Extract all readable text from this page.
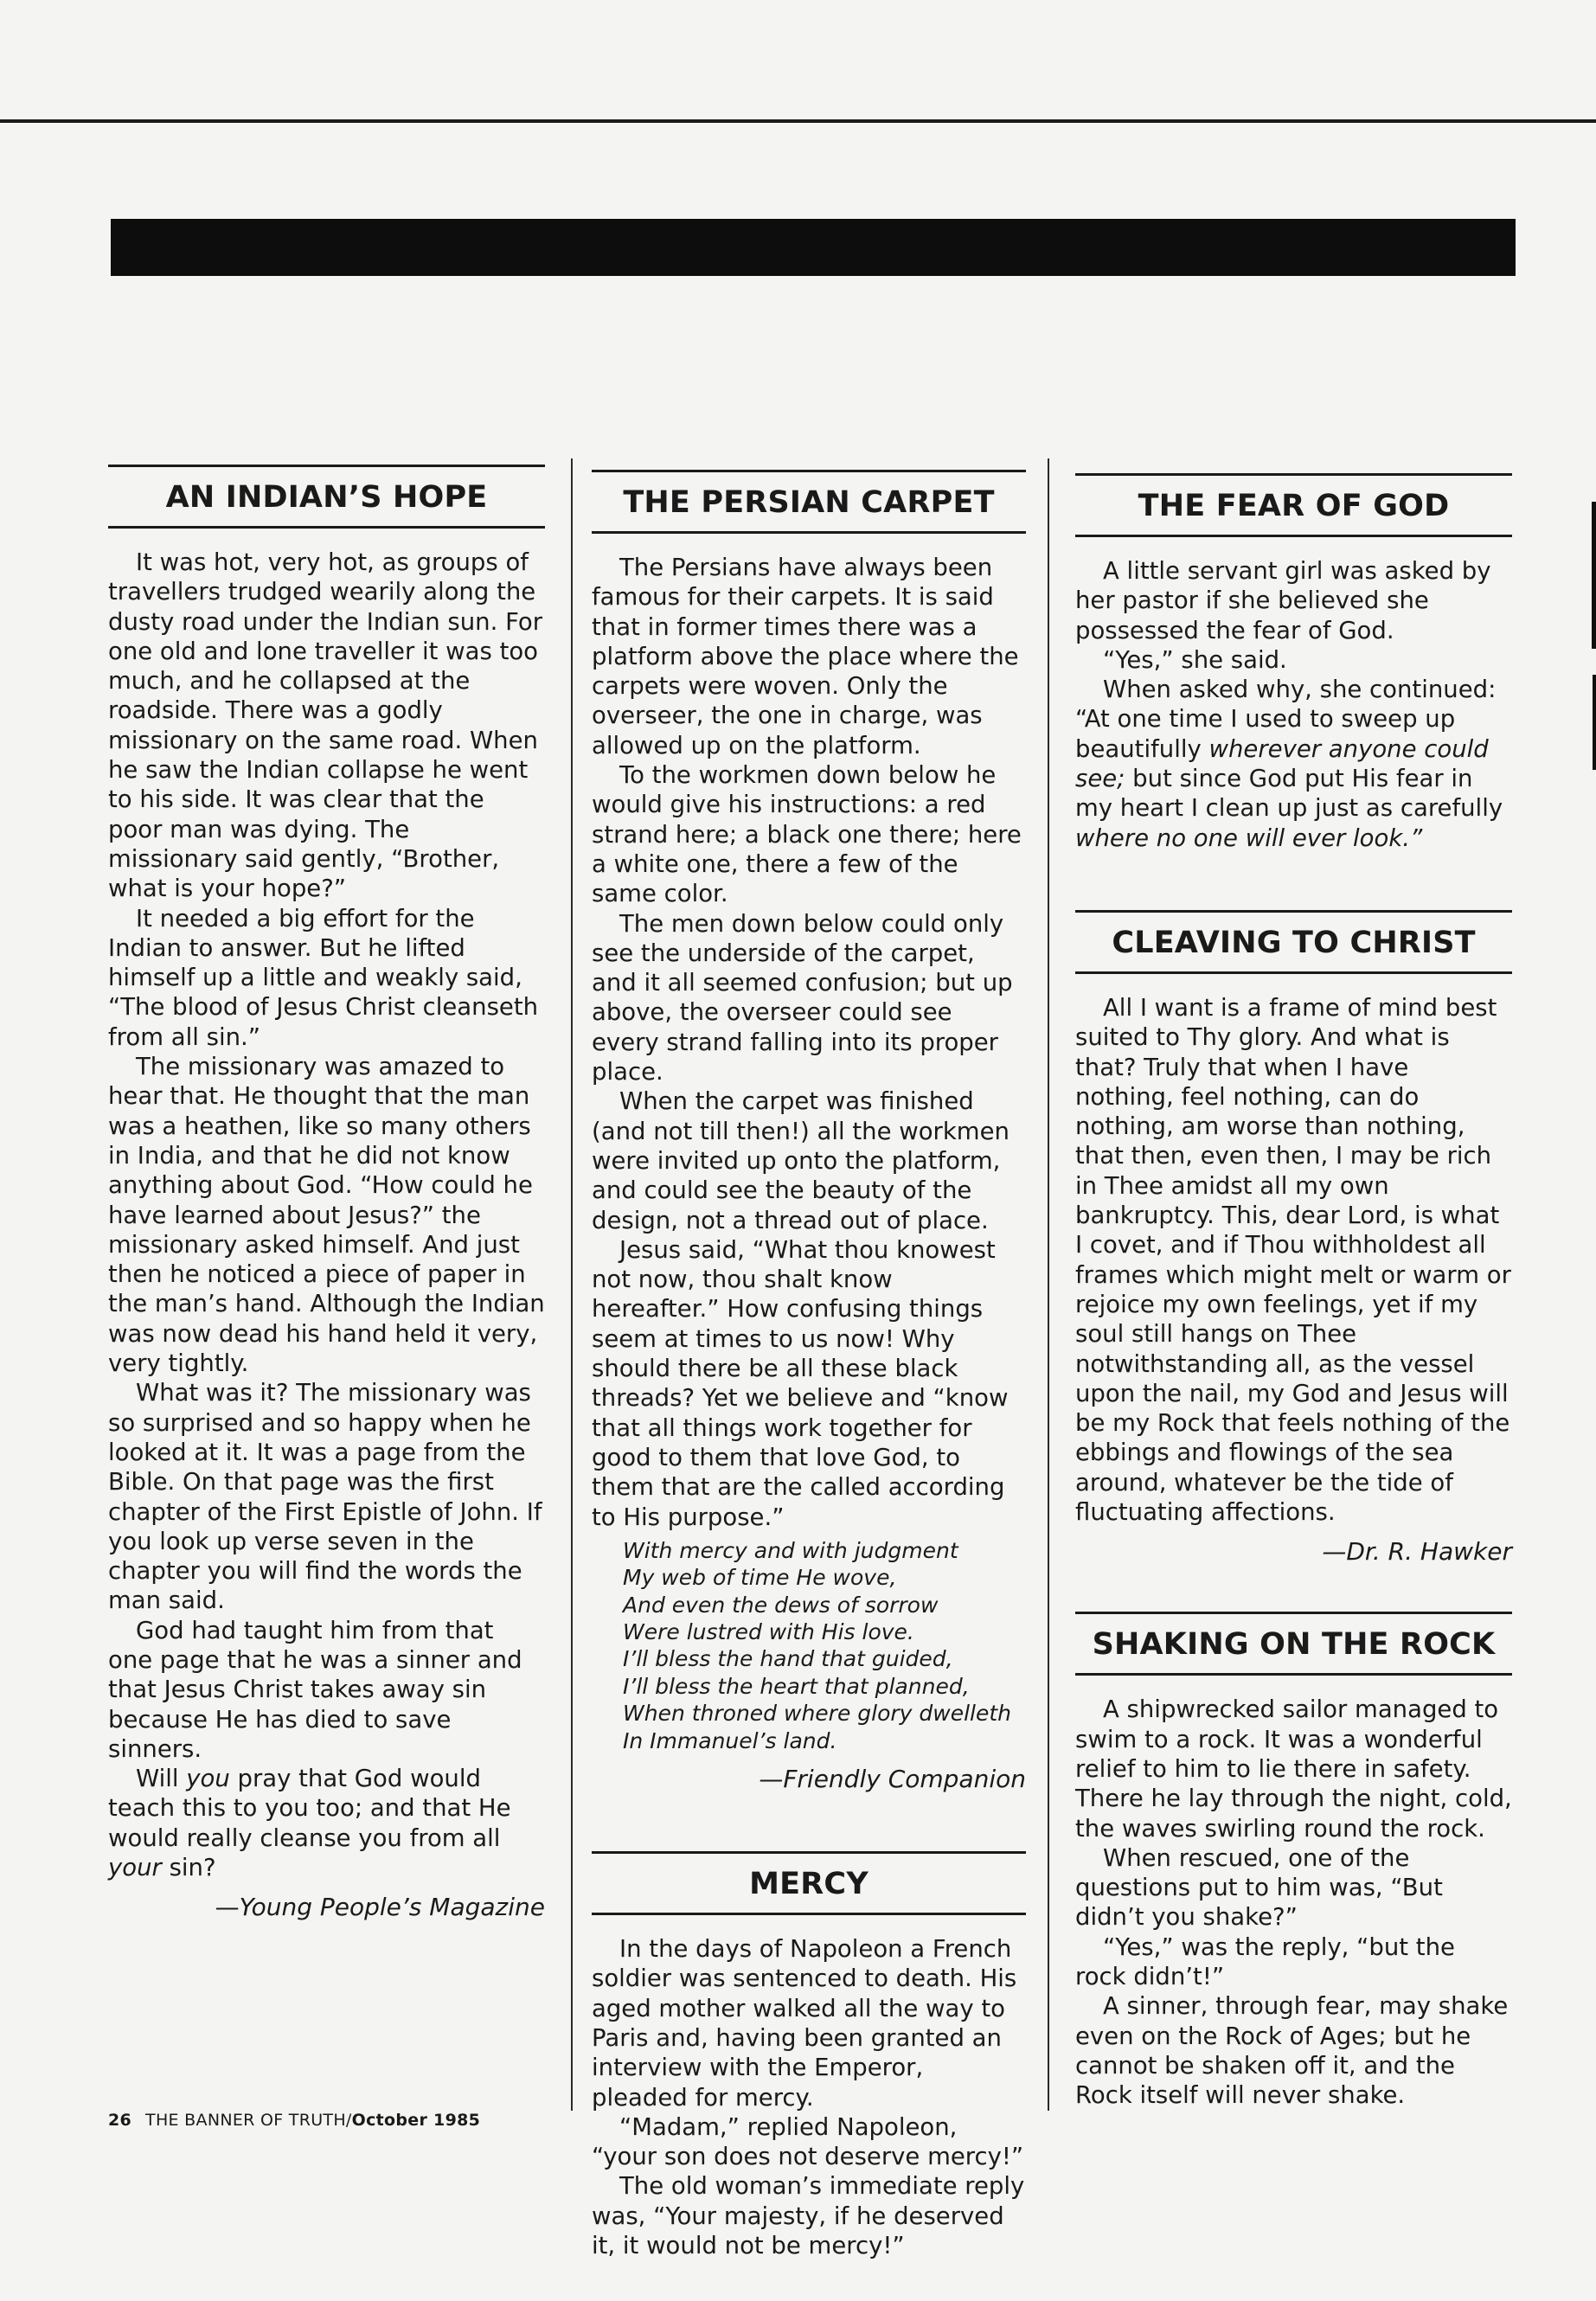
AN INDIAN’S HOPE

It was hot, very hot, as groups of travellers trudged wearily along the dusty road under the Indian sun. For one old and lone traveller it was too much, and he collapsed at the roadside. There was a godly missionary on the same road. When he saw the Indian collapse he went to his side. It was clear that the poor man was dying. The missionary said gently, “Brother, what is your hope?”

It needed a big effort for the Indian to answer. But he lifted himself up a little and weakly said, “The blood of Jesus Christ cleanseth from all sin.”

The missionary was amazed to hear that. He thought that the man was a heathen, like so many others in India, and that he did not know anything about God. “How could he have learned about Jesus?” the missionary asked himself. And just then he noticed a piece of paper in the man’s hand. Although the Indian was now dead his hand held it very, very tightly.

What was it? The missionary was so surprised and so happy when he looked at it. It was a page from the Bible. On that page was the first chapter of the First Epistle of John. If you look up verse seven in the chapter you will find the words the man said.

God had taught him from that one page that he was a sinner and that Jesus Christ takes away sin because He has died to save sinners.

Will you pray that God would teach this to you too; and that He would really cleanse you from all your sin?

—Young People’s Magazine
THE PERSIAN CARPET

The Persians have always been famous for their carpets. It is said that in former times there was a platform above the place where the carpets were woven. Only the overseer, the one in charge, was allowed up on the platform.

To the workmen down below he would give his instructions: a red strand here; a black one there; here a white one, there a few of the same color.

The men down below could only see the underside of the carpet, and it all seemed confusion; but up above, the overseer could see every strand falling into its proper place.

When the carpet was finished (and not till then!) all the workmen were invited up onto the platform, and could see the beauty of the design, not a thread out of place.

Jesus said, “What thou knowest not now, thou shalt know hereafter.” How confusing things seem at times to us now! Why should there be all these black threads? Yet we believe and “know that all things work together for good to them that love God, to them that are the called according to His purpose.”

With mercy and with judgment
My web of time He wove,
And even the dews of sorrow
Were lustred with His love.
I’ll bless the hand that guided,
I’ll bless the heart that planned,
When throned where glory dwelleth
In Immanuel’s land.
—Friendly Companion
MERCY

In the days of Napoleon a French soldier was sentenced to death. His aged mother walked all the way to Paris and, having been granted an interview with the Emperor, pleaded for mercy.

“Madam,” replied Napoleon, “your son does not deserve mercy!”

The old woman’s immediate reply was, “Your majesty, if he deserved it, it would not be mercy!”

THE FEAR OF GOD

A little servant girl was asked by her pastor if she believed she possessed the fear of God.

“Yes,” she said.

When asked why, she continued: “At one time I used to sweep up beautifully wherever anyone could see; but since God put His fear in my heart I clean up just as carefully where no one will ever look.”

CLEAVING TO CHRIST

All I want is a frame of mind best suited to Thy glory. And what is that? Truly that when I have nothing, feel nothing, can do nothing, am worse than nothing, that then, even then, I may be rich in Thee amidst all my own bankruptcy. This, dear Lord, is what I covet, and if Thou withholdest all frames which might melt or warm or rejoice my own feelings, yet if my soul still hangs on Thee notwithstanding all, as the vessel upon the nail, my God and Jesus will be my Rock that feels nothing of the ebbings and flowings of the sea around, whatever be the tide of fluctuating affections.

—Dr. R. Hawker
SHAKING ON THE ROCK

A shipwrecked sailor managed to swim to a rock. It was a wonderful relief to him to lie there in safety. There he lay through the night, cold, the waves swirling round the rock.

When rescued, one of the questions put to him was, “But didn’t you shake?”

“Yes,” was the reply, “but the rock didn’t!”

A sinner, through fear, may shake even on the Rock of Ages; but he cannot be shaken off it, and the Rock itself will never shake.

26 THE BANNER OF TRUTH/October 1985
